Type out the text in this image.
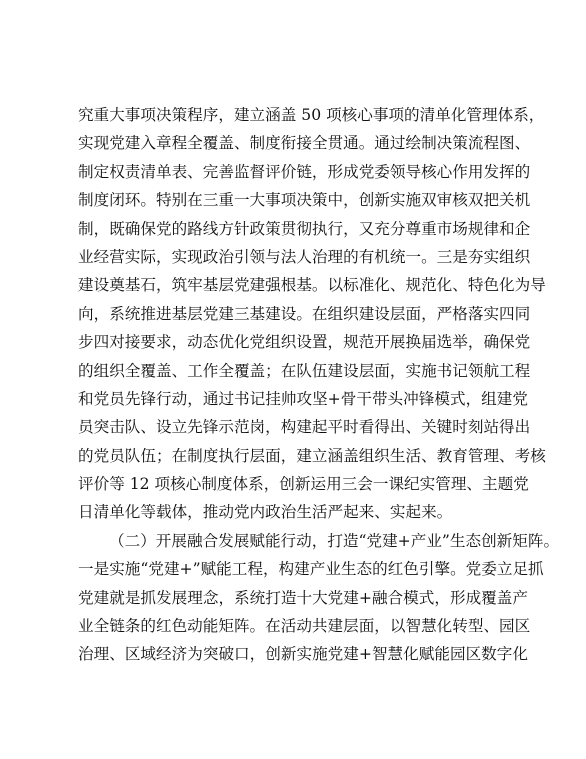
究重大事项决策程序，建立涵盖 50 项核心事项的清单化管理体系，
实现党建入章程全覆盖、制度衔接全贯通。通过绘制决策流程图、
制定权责清单表、完善监督评价链，形成党委领导核心作用发挥的
制度闭环。特别在三重一大事项决策中，创新实施双审核双把关机
制，既确保党的路线方针政策贯彻执行，又充分尊重市场规律和企
业经营实际，实现政治引领与法人治理的有机统一。三是夯实组织
建设奠基石，筑牢基层党建强根基。以标准化、规范化、特色化为导
向，系统推进基层党建三基建设。在组织建设层面，严格落实四同
步四对接要求，动态优化党组织设置，规范开展换届选举，确保党
的组织全覆盖、工作全覆盖；在队伍建设层面，实施书记领航工程
和党员先锋行动，通过书记挂帅攻坚+骨干带头冲锋模式，组建党
员突击队、设立先锋示范岗，构建起平时看得出、关键时刻站得出
的党员队伍；在制度执行层面，建立涵盖组织生活、教育管理、考核
评价等 12 项核心制度体系，创新运用三会一课纪实管理、主题党
日清单化等载体，推动党内政治生活严起来、实起来。
（二）开展融合发展赋能行动，打造“党建+产业”生态创新矩阵。
一是实施“党建+”赋能工程，构建产业生态的红色引擎。党委立足抓
党建就是抓发展理念，系统打造十大党建+融合模式，形成覆盖产
业全链条的红色动能矩阵。在活动共建层面，以智慧化转型、园区
治理、区域经济为突破口，创新实施党建+智慧化赋能园区数字化
